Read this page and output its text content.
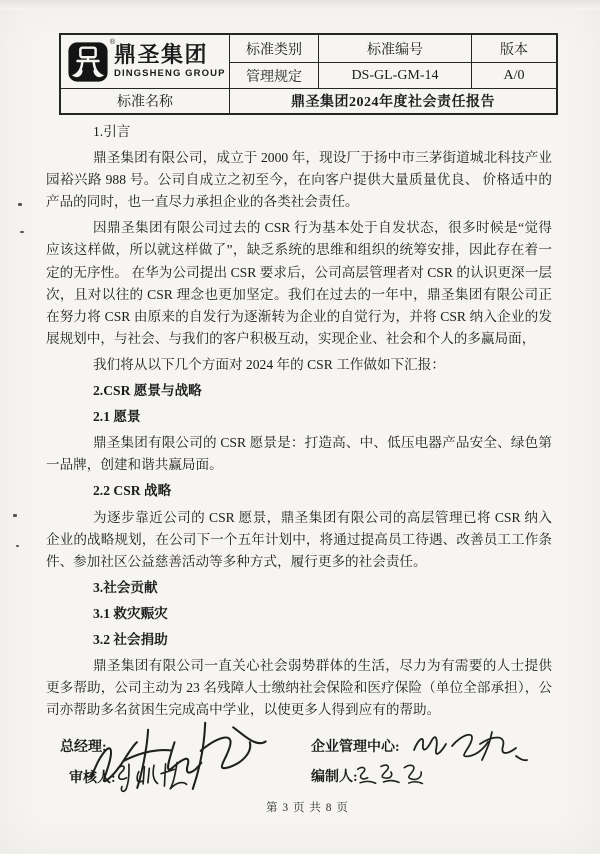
®
鼎圣集团
DINGSHENG GROUP	标准类别	标准编号	版本
	管理规定	DS-GL-GM-14	A/0
标准名称	鼎圣集团2024年度社会责任报告		

1.引言

鼎圣集团有限公司，成立于 2000 年，现设厂于扬中市三茅街道城北科技产业园裕兴路 988 号。公司自成立之初至今，在向客户提供大量质量优良、 价格适中的产品的同时，也一直尽力承担企业的各类社会责任。

因鼎圣集团有限公司过去的 CSR 行为基本处于自发状态，很多时候是“觉得应该这样做，所以就这样做了”，缺乏系统的思维和组织的统筹安排，因此存在着一定的无序性。 在华为公司提出 CSR 要求后，公司高层管理者对 CSR 的认识更深一层次，且对以往的 CSR 理念也更加坚定。我们在过去的一年中，鼎圣集团有限公司正在努力将 CSR 由原来的自发行为逐渐转为企业的自觉行为，并将 CSR 纳入企业的发展规划中，与社会、与我们的客户积极互动，实现企业、社会和个人的多赢局面，

我们将从以下几个方面对 2024 年的 CSR 工作做如下汇报：

2.CSR 愿景与战略

2.1 愿景

鼎圣集团有限公司的 CSR 愿景是：打造高、中、低压电器产品安全、绿色第一品牌，创建和谐共赢局面。

2.2 CSR 战略

为逐步靠近公司的 CSR 愿景，鼎圣集团有限公司的高层管理已将 CSR 纳入企业的战略规划，在公司下一个五年计划中，将通过提高员工待遇、改善员工工作条件、参加社区公益慈善活动等多种方式，履行更多的社会责任。

3.社会贡献

3.1 救灾赈灾

3.2 社会捐助

鼎圣集团有限公司一直关心社会弱势群体的生活，尽力为有需要的人士提供更多帮助，公司主动为 23 名残障人士缴纳社会保险和医疗保险（单位全部承担），公司亦帮助多名贫困生完成高中学业，以使更多人得到应有的帮助。

总经理:	企业管理中心:
审核人:	编制人:
第 3 页 共 8 页
